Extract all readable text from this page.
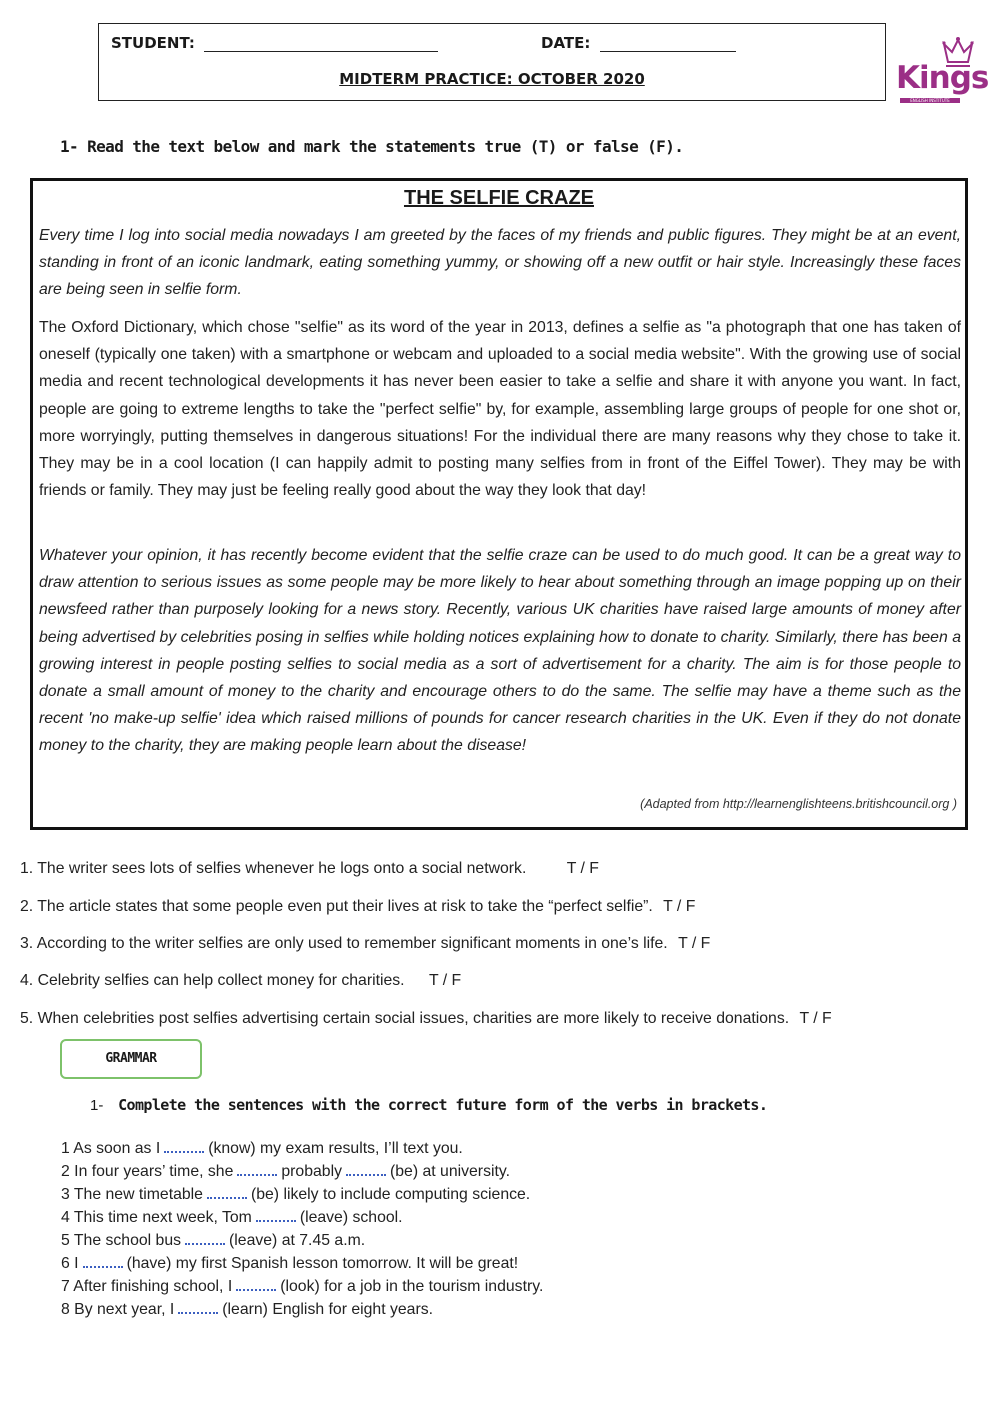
STUDENT:	DATE:
MIDTERM PRACTICE: OCTOBER 2020	Kings
ENGLISH INSTITUTE
1- Read the text below and mark the statements true (T) or false (F).
THE SELFIE CRAZE

Every time I log into social media nowadays I am greeted by the faces of my friends and public figures. They might be at an event, standing in front of an iconic landmark, eating something yummy, or showing off a new outfit or hair style. Increasingly these faces are being seen in selfie form.

The Oxford Dictionary, which chose "selfie" as its word of the year in 2013, defines a selfie as "a photograph that one has taken of oneself (typically one taken) with a smartphone or webcam and uploaded to a social media website". With the growing use of social media and recent technological developments it has never been easier to take a selfie and share it with anyone you want. In fact, people are going to extreme lengths to take the "perfect selfie" by, for example, assembling large groups of people for one shot or, more worryingly, putting themselves in dangerous situations! For the individual there are many reasons why they chose to take it. They may be in a cool location (I can happily admit to posting many selfies from in front of the Eiffel Tower). They may be with friends or family. They may just be feeling really good about the way they look that day!

Whatever your opinion, it has recently become evident that the selfie craze can be used to do much good. It can be a great way to draw attention to serious issues as some people may be more likely to hear about something through an image popping up on their newsfeed rather than purposely looking for a news story. Recently, various UK charities have raised large amounts of money after being advertised by celebrities posing in selfies while holding notices explaining how to donate to charity. Similarly, there has been a growing interest in people posting selfies to social media as a sort of advertisement for a charity. The aim is for those people to donate a small amount of money to the charity and encourage others to do the same. The selfie may have a theme such as the recent 'no make-up selfie' idea which raised millions of pounds for cancer research charities in the UK. Even if they do not donate money to the charity, they are making people learn about the disease!

(Adapted from http://learnenglishteens.britishcouncil.org )
1. The writer sees lots of selfies whenever he logs onto a social network.	T / F
2. The article states that some people even put their lives at risk to take the “perfect selfie”. T / F
3. According to the writer selfies are only used to remember significant moments in one’s life. T / F
4. Celebrity selfies can help collect money for charities. T / F
5. When celebrities post selfies advertising certain social issues, charities are more likely to receive donations. T / F
GRAMMAR
1- Complete the sentences with the correct future form of the verbs in brackets.
1 As soon as I	(know) my exam results, I’ll text you.
2 In four years’ time, she	probably	(be) at university.
3 The new timetable	(be) likely to include computing science.
4 This time next week, Tom	(leave) school.
5 The school bus	(leave) at 7.45 a.m.
6 I	(have) my first Spanish lesson tomorrow. It will be great!
7 After finishing school, I	(look) for a job in the tourism industry.
8 By next year, I	(learn) English for eight years.
